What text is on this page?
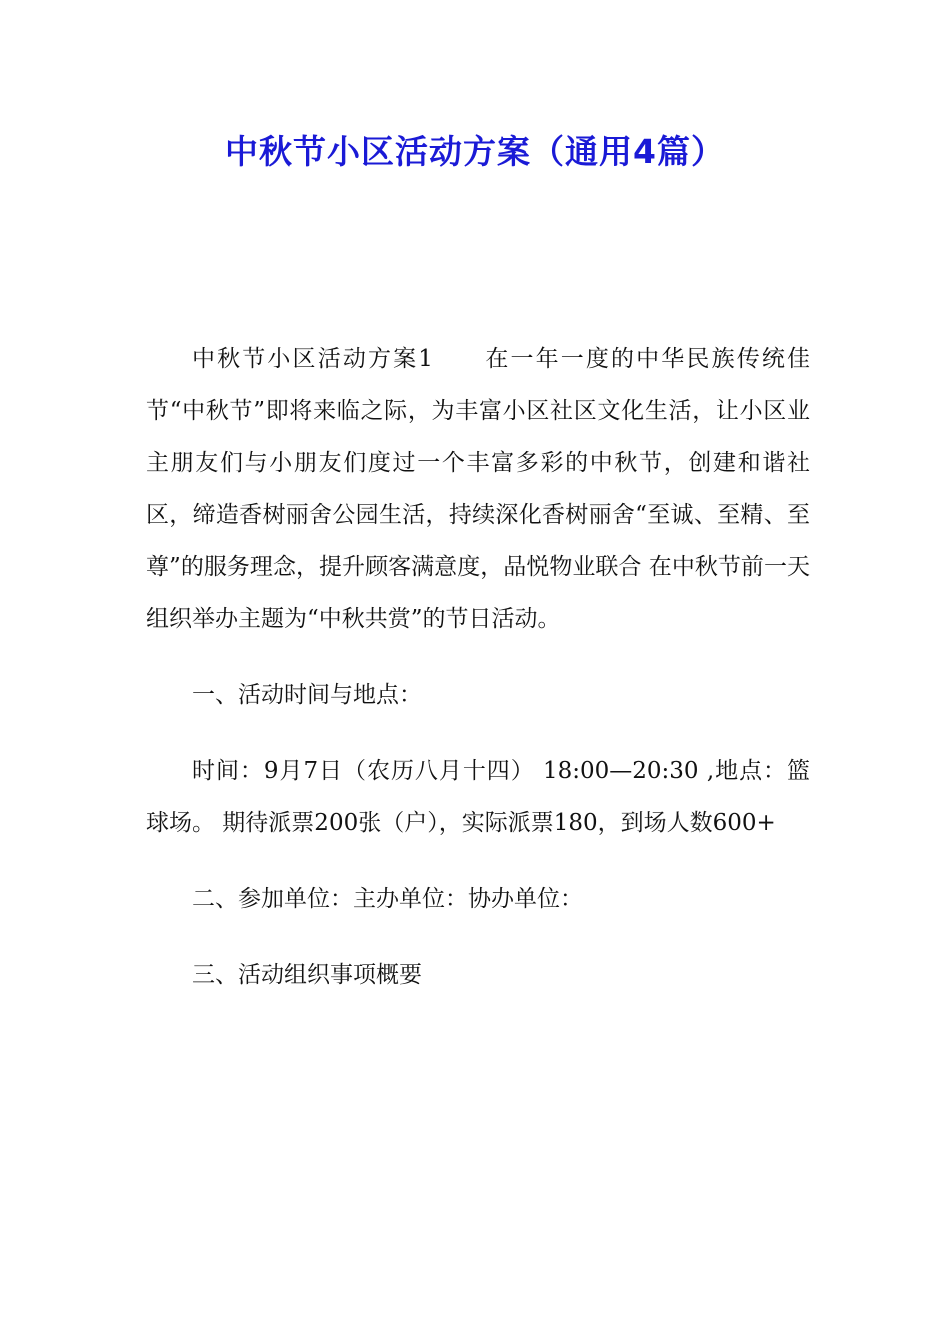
中秋节小区活动方案（通用4篇）

中秋节小区活动方案1　　在一年一度的中华民族传统佳节“中秋节”即将来临之际，为丰富小区社区文化生活，让小区业主朋友们与小朋友们度过一个丰富多彩的中秋节，创建和谐社区，缔造香树丽舍公园生活，持续深化香树丽舍“至诚、至精、至尊”的服务理念，提升顾客满意度，品悦物业联合 在中秋节前一天组织举办主题为“中秋共赏”的节日活动。

一、活动时间与地点：

时间：9月7日（农历八月十四） 18:00—20:30 ,地点：篮球场。 期待派票200张（户），实际派票180，到场人数600+

二、参加单位：主办单位：协办单位：

三、活动组织事项概要
